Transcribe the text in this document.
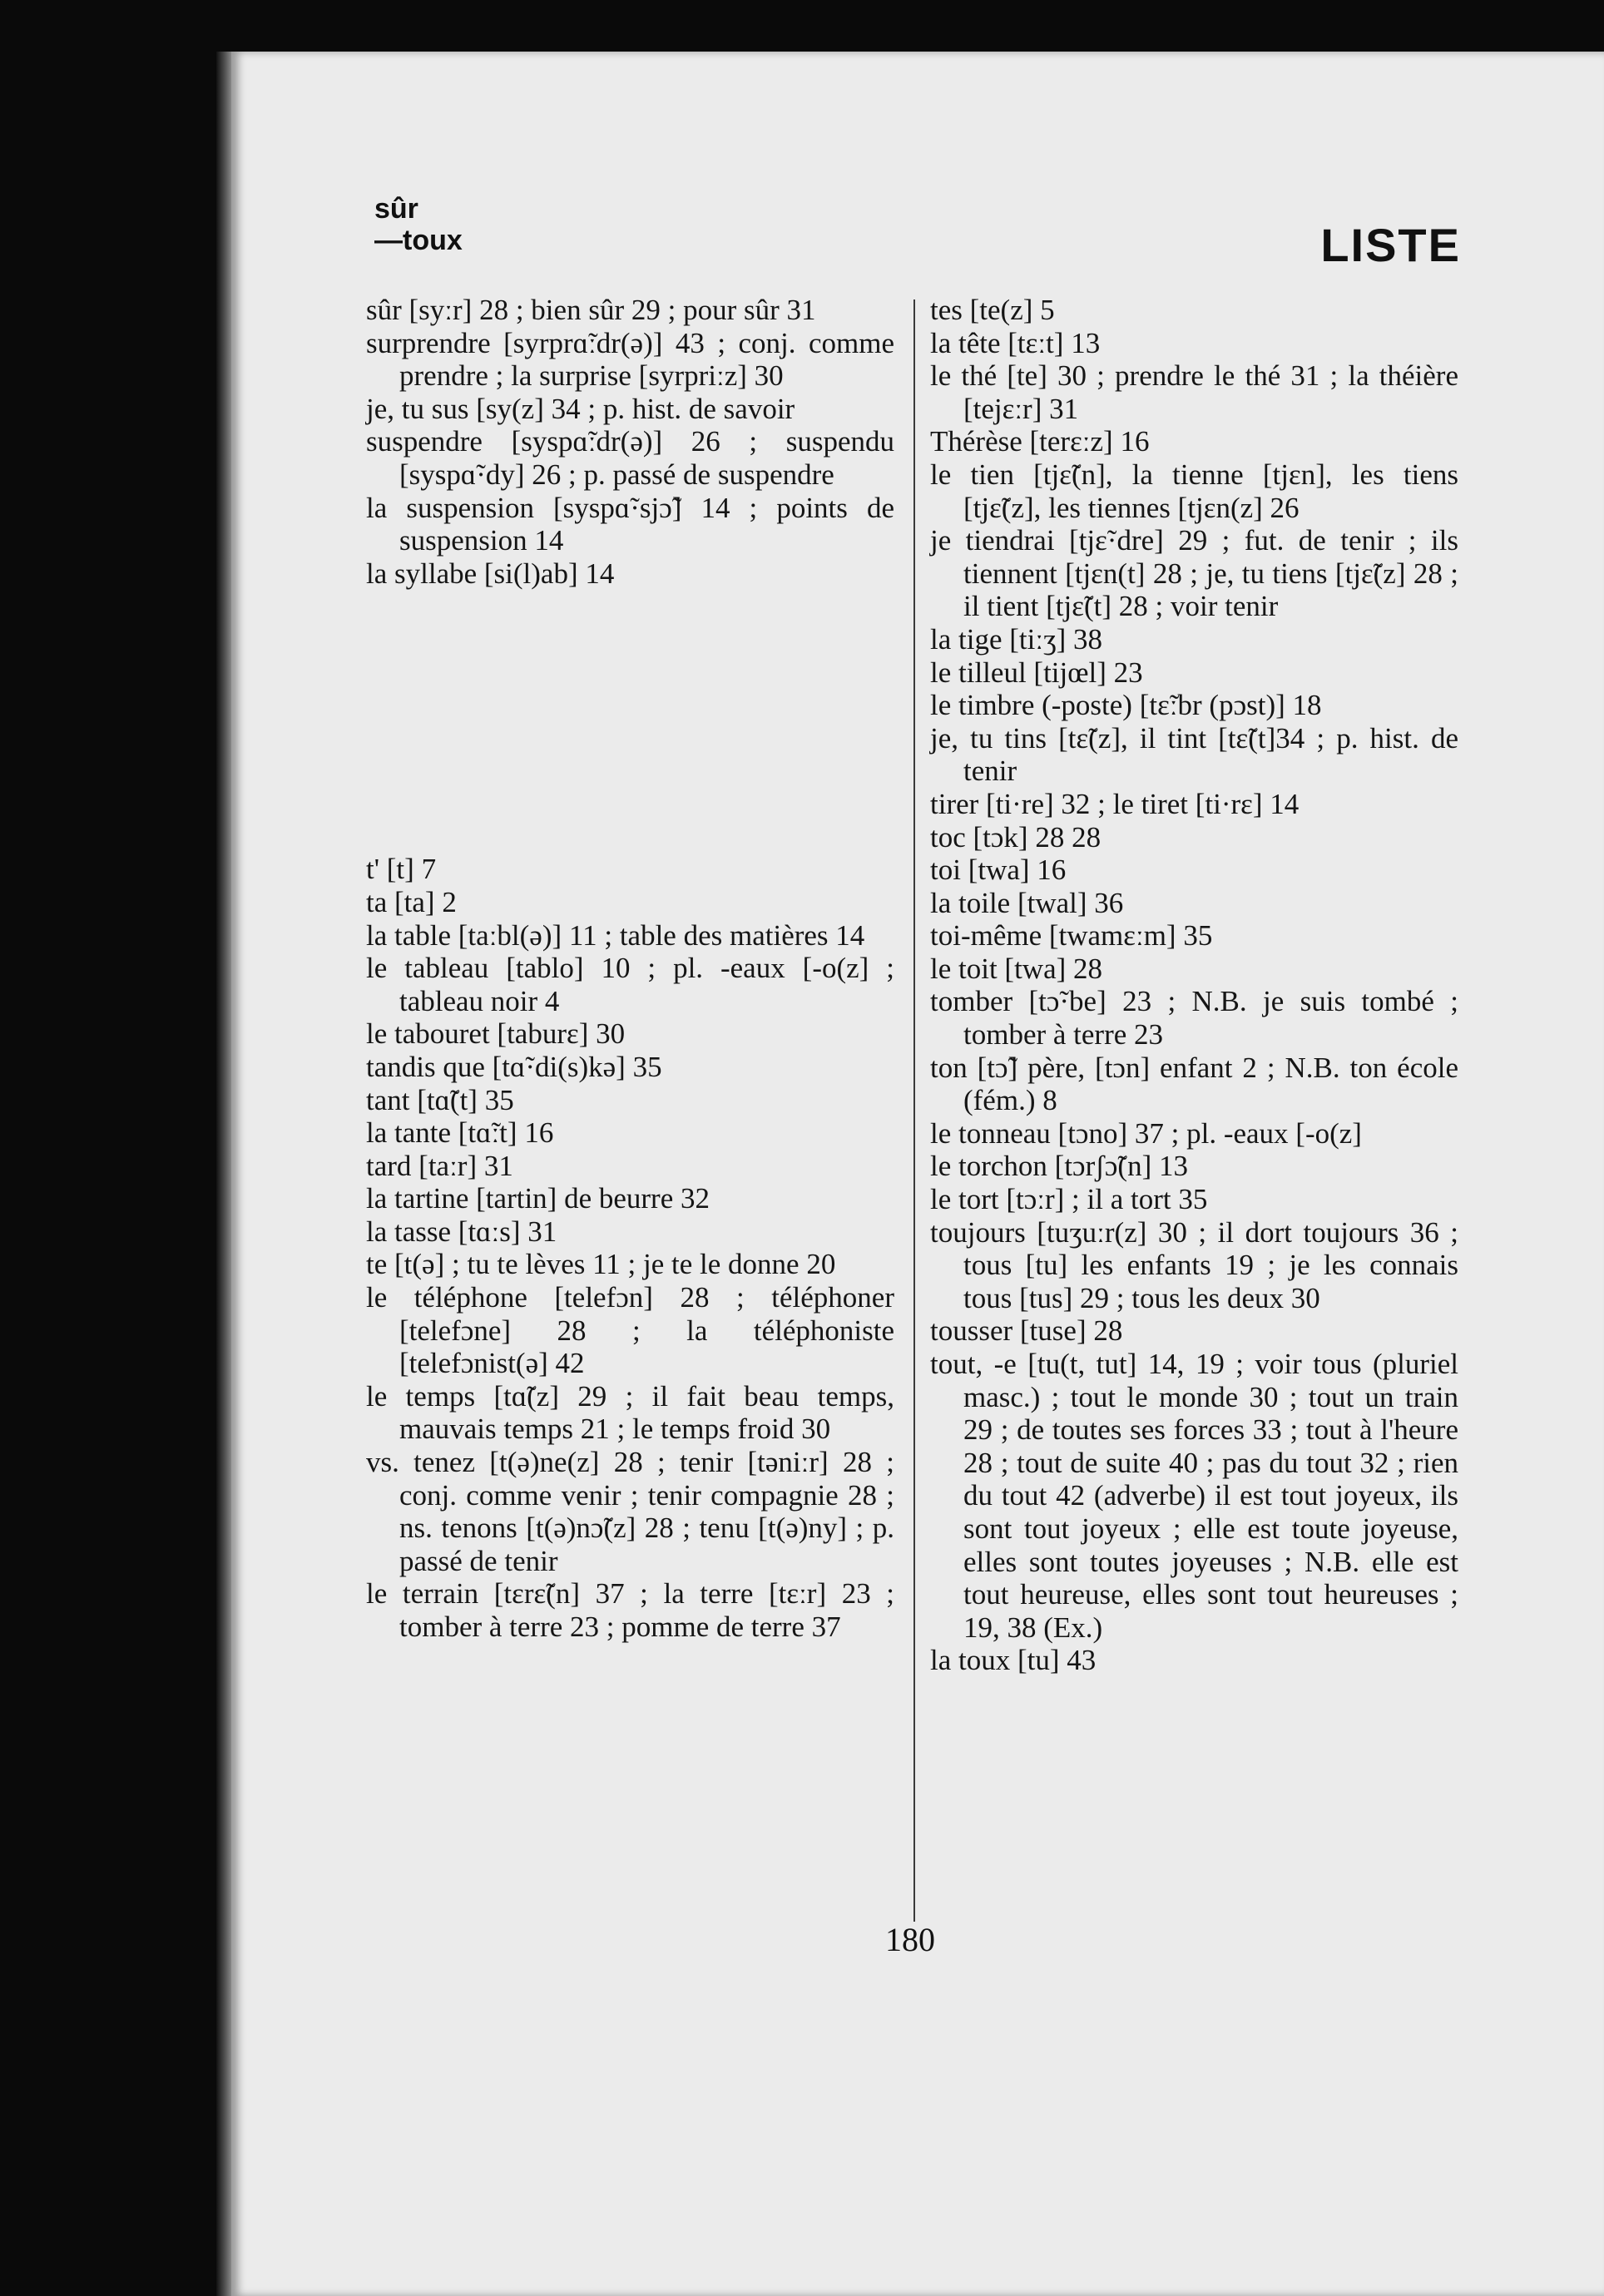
sûr
—toux	LISTE

sûr [syːr] 28 ; bien sûr 29 ; pour sûr 31

surprendre [syrprɑ̃ːdr(ə)] 43 ; conj. comme prendre ; la surprise [syrpriːz] 30

je, tu sus [sy(z] 34 ; p. hist. de savoir

suspendre [syspɑ̃ːdr(ə)] 26 ; suspendu [syspɑ̃·dy] 26 ; p. passé de suspendre

la suspension [syspɑ̃·sjɔ̃] 14 ; points de suspension 14

la syllabe [si(l)ab] 14

t' [t] 7

ta [ta] 2

la table [taːbl(ə)] 11 ; table des matières 14

le tableau [tablo] 10 ; pl. -eaux [-o(z] ; tableau noir 4

le tabouret [taburɛ] 30

tandis que [tɑ̃·di(s)kə] 35

tant [tɑ̃(t] 35

la tante [tɑ̃ːt] 16

tard [taːr] 31

la tartine [tartin] de beurre 32

la tasse [tɑːs] 31

te [t(ə] ; tu te lèves 11 ; je te le donne 20

le téléphone [telefɔn] 28 ; téléphoner [telefɔne] 28 ; la téléphoniste [telefɔnist(ə] 42

le temps [tɑ̃(z] 29 ; il fait beau temps, mauvais temps 21 ; le temps froid 30

vs. tenez [t(ə)ne(z] 28 ; tenir [təniːr] 28 ; conj. comme venir ; tenir compagnie 28 ; ns. tenons [t(ə)nɔ̃(z] 28 ; tenu [t(ə)ny] ; p. passé de tenir

le terrain [tɛrɛ̃(n] 37 ; la terre [tɛːr] 23 ; tomber à terre 23 ; pomme de terre 37

tes [te(z] 5

la tête [tɛːt] 13

le thé [te] 30 ; prendre le thé 31 ; la théière [tejɛːr] 31

Thérèse [terɛːz] 16

le tien [tjɛ̃(n], la tienne [tjɛn], les tiens [tjɛ̃(z], les tiennes [tjɛn(z] 26

je tiendrai [tjɛ̃·dre] 29 ; fut. de tenir ; ils tiennent [tjɛn(t] 28 ; je, tu tiens [tjɛ̃(z] 28 ; il tient [tjɛ̃(t] 28 ; voir tenir

la tige [tiːʒ] 38

le tilleul [tijœl] 23

le timbre (-poste) [tɛ̃ːbr (pɔst)] 18

je, tu tins [tɛ̃(z], il tint [tɛ̃(t]34 ; p. hist. de tenir

tirer [ti·re] 32 ; le tiret [ti·rɛ] 14

toc [tɔk] 28 28

toi [twa] 16

la toile [twal] 36

toi-même [twamɛːm] 35

le toit [twa] 28

tomber [tɔ̃·be] 23 ; N.B. je suis tombé ; tomber à terre 23

ton [tɔ̃] père, [tɔn] enfant 2 ; N.B. ton école (fém.) 8

le tonneau [tɔno] 37 ; pl. -eaux [-o(z]

le torchon [tɔrʃɔ̃(n] 13

le tort [tɔːr] ; il a tort 35

toujours [tuʒuːr(z] 30 ; il dort toujours 36 ; tous [tu] les enfants 19 ; je les connais tous [tus] 29 ; tous les deux 30

tousser [tuse] 28

tout, -e [tu(t, tut] 14, 19 ; voir tous (pluriel masc.) ; tout le monde 30 ; tout un train 29 ; de toutes ses forces 33 ; tout à l'heure 28 ; tout de suite 40 ; pas du tout 32 ; rien du tout 42 (adverbe) il est tout joyeux, ils sont tout joyeux ; elle est toute joyeuse, elles sont toutes joyeuses ; N.B. elle est tout heureuse, elles sont tout heureuses ; 19, 38 (Ex.)

la toux [tu] 43

180
